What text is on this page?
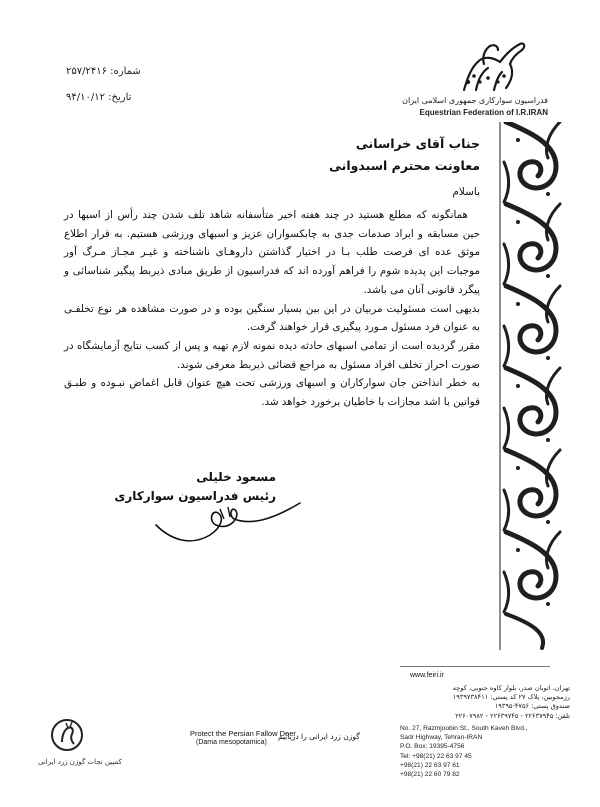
شماره: ۲۵۷/۲۴۱۶
تاریخ: ۹۴/۱۰/۱۲	فدراسیون سوارکاری جمهوری اسلامی ایران
Equestrian Federation of I.R.IRAN
جناب آقای خراسانی
معاونت محترم اسبدوانی
باسلام

همانگونه که مطلع هستید در چند هفته اخیر متأسفانه شاهد تلف شدن چند رأس از اسبها در حین مسابقه و ایراد صدمات جدی به چابکسواران عزیز و اسبهای ورزشی هستیم. به قرار اطلاع موثق عده ای فرصت طلب بـا در اختیار گذاشتن داروهـای ناشناخته و غیـر مجـاز مـرگ آور موجبات این پدیده شوم را فراهم آورده اند که فدراسیون از طریق مبادی ذیربط پیگیر شناسائی و پیگرد قانونی آنان می باشد.

بدیهی است مسئولیت مربیان در این بین بسیار سنگین بوده و در صورت مشاهده هر نوع تخلفـی به عنوان فرد مسئول مـورد پیگیری قرار خواهند گرفت.

مقرر گردیده است از تمامی اسبهای حادثه دیده نمونه لازم تهیه و پس از کسب نتایج آزمایشگاه در صورت احراز تخلف افراد مسئول به مراجع قضائی ذیربط معرفی شوند.

به خطر انداختن جان سوارکاران و اسبهای ورزشی تحت هیچ عنوان قابل اغماض نبـوده و طبـق قوانین با اشد مجازات با خاطیان برخورد خواهد شد.

مسعود خلیلی
رئیس فدراسیون سوارکاری
کمپین نجات گوزن زرد ایرانی
Protect the Persian Fallow Deer
(Dama mesopotamica)
گوزن زرد ایرانی را دریابیم
www.feiri.ir
تهران، اتوبان صدر، بلوار کاوه جنوبی، کوچه
رزمجوبین، پلاک ۲۷ کد پستی: ۱۹۳۹۷۳۸۴۱۱
صندوق پستی: ۴۷۵۶-۱۹۳۹۵
تلفن: ۲۲۶۳۷۹۴۵ - ۲۲۶۳۹۷۴۵ - ۲۲۶۰۷۹۸۲
No. 27, Razmjoobin St., South Kaveh Blvd.,
Sadr Highway, Tehran-IRAN
P.O. Box: 19395-4756
Tel: +98(21) 22 63 97 45
+98(21) 22 63 97 61
+98(21) 22 60 79 82
